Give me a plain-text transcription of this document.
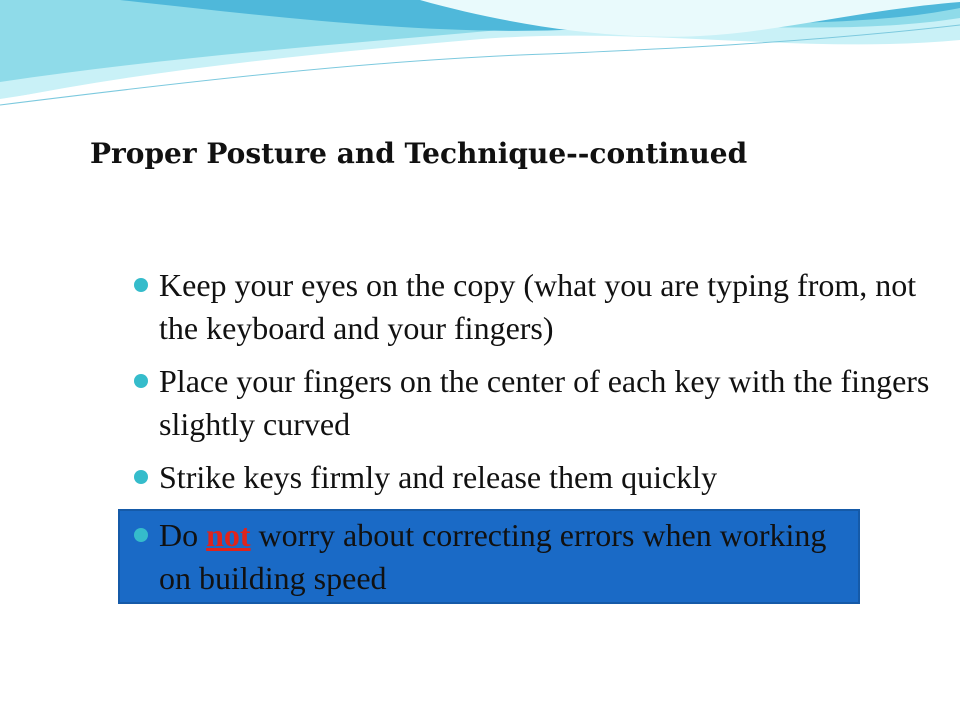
Proper Posture and Technique--continued
Keep your eyes on the copy (what you are typing from, not the keyboard and your fingers)
Place your fingers on the center of each key with the fingers slightly curved
Strike keys firmly and release them quickly
Do not worry about correcting errors when working on building speed
